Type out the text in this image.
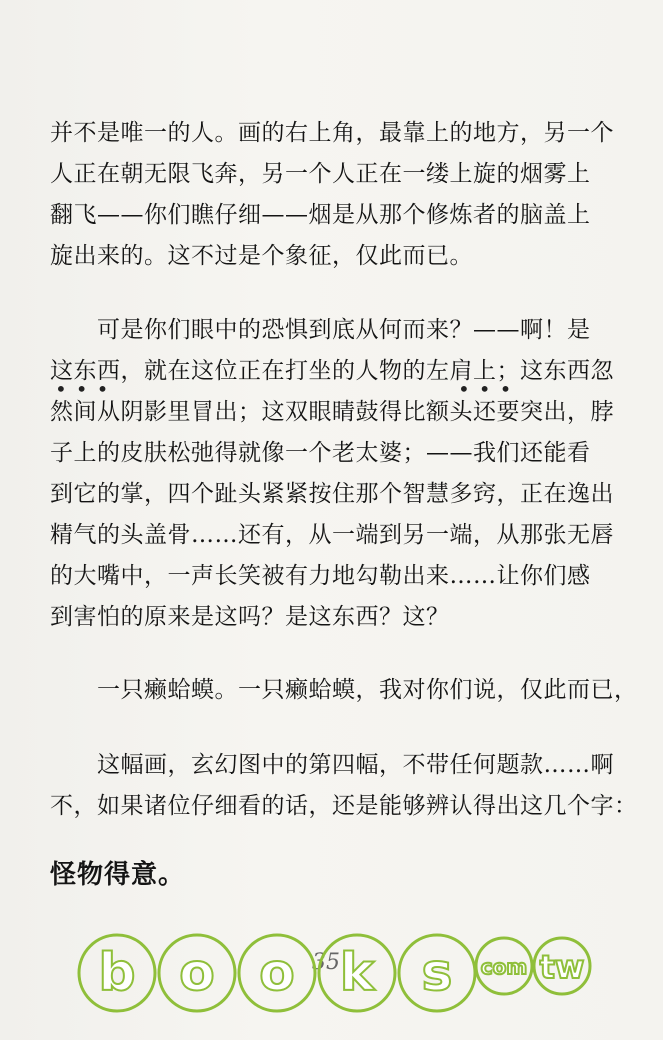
并不是唯一的人。画的右上角，最靠上的地方，另一个
人正在朝无限飞奔，另一个人正在一缕上旋的烟雾上
翻飞——你们瞧仔细——烟是从那个修炼者的脑盖上
旋出来的。这不过是个象征，仅此而已。
　　可是你们眼中的恐惧到底从何而来？——啊！是
这东西，就在这位正在打坐的人物的左肩上；这东西忽
•••	•••
然间从阴影里冒出；这双眼睛鼓得比额头还要突出，脖
子上的皮肤松弛得就像一个老太婆；——我们还能看
到它的掌，四个趾头紧紧按住那个智慧多窍，正在逸出
精气的头盖骨……还有，从一端到另一端，从那张无唇
的大嘴中，一声长笑被有力地勾勒出来……让你们感
到害怕的原来是这吗？是这东西？这？
　　一只癞蛤蟆。一只癞蛤蟆，我对你们说，仅此而已，
　　这幅画，玄幻图中的第四幅，不带任何题款……啊
不，如果诸位仔细看的话，还是能够辨认得出这几个字：
怪物得意。
35
b o o k s com tw
